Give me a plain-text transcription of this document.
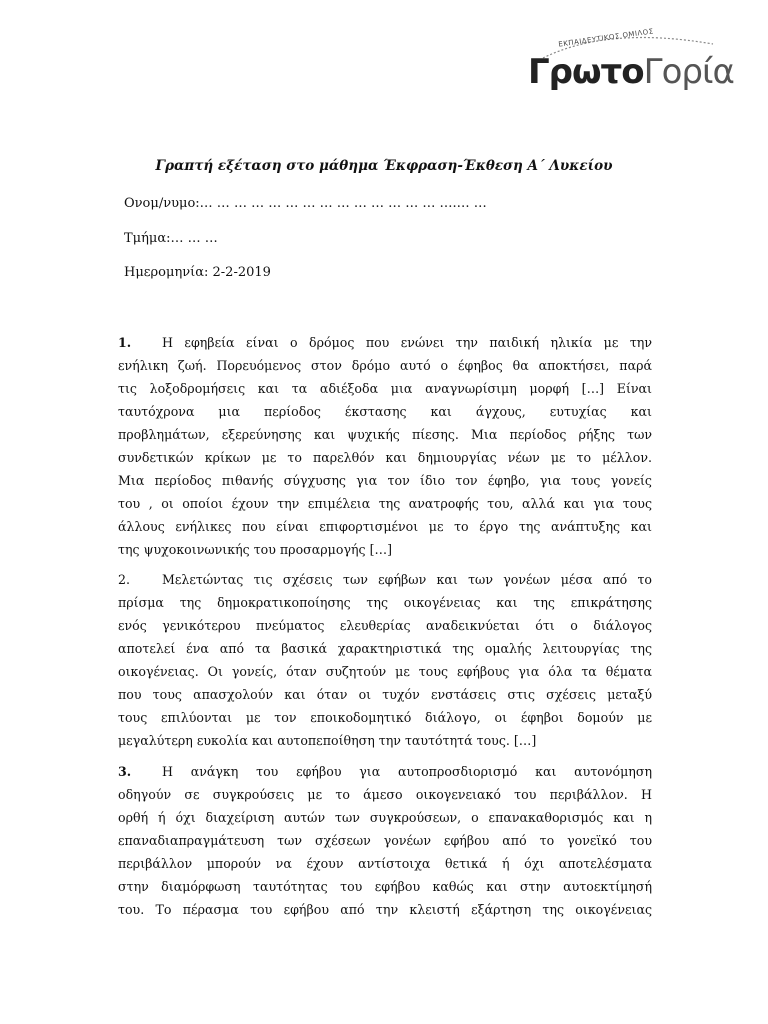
ΕΚΠΑΙΔΕΥΤΙΚΟΣ ΟΜΙΛΟΣ
ΓρωτοΓορία
Γραπτή εξέταση στο μάθημα Έκφραση-Έκθεση Α΄ Λυκείου
Ονομ/νυμο:… … … … … … … … … … … … … … ….… …
Τμήμα:… … …
Ημερομηνία: 2-2-2019
1. Η εφηβεία είναι ο δρόμος που ενώνει την παιδική ηλικία με την
ενήλικη ζωή. Πορευόμενος στον δρόμο αυτό ο έφηβος θα αποκτήσει, παρά
τις λοξοδρομήσεις και τα αδιέξοδα μια αναγνωρίσιμη μορφή […] Είναι
ταυτόχρονα μια περίοδος έκστασης και άγχους, ευτυχίας και
προβλημάτων, εξερεύνησης και ψυχικής πίεσης. Μια περίοδος ρήξης των
συνδετικών κρίκων με το παρελθόν και δημιουργίας νέων με το μέλλον.
Μια περίοδος πιθανής σύγχυσης για τον ίδιο τον έφηβο, για τους γονείς
του , οι οποίοι έχουν την επιμέλεια της ανατροφής του, αλλά και για τους
άλλους ενήλικες που είναι επιφορτισμένοι με το έργο της ανάπτυξης και
της ψυχοκοινωνικής του προσαρμογής […]
2.	Μελετώντας τις σχέσεις των εφήβων και των γονέων μέσα από το
πρίσμα της δημοκρατικοποίησης της οικογένειας και της επικράτησης
ενός γενικότερου πνεύματος ελευθερίας αναδεικνύεται ότι ο διάλογος
αποτελεί ένα από τα βασικά χαρακτηριστικά της ομαλής λειτουργίας της
οικογένειας. Οι γονείς, όταν συζητούν με τους εφήβους για όλα τα θέματα
που τους απασχολούν και όταν οι τυχόν ενστάσεις στις σχέσεις μεταξύ
τους επιλύονται με τον εποικοδομητικό διάλογο, οι έφηβοι δομούν με
μεγαλύτερη ευκολία και αυτοπεποίθηση την ταυτότητά τους. […]
3. Η ανάγκη του εφήβου για αυτοπροσδιορισμό και αυτονόμηση
οδηγούν σε συγκρούσεις με το άμεσο οικογενειακό του περιβάλλον. Η
ορθή ή όχι διαχείριση αυτών των συγκρούσεων, ο επανακαθορισμός και η
επαναδιαπραγμάτευση των σχέσεων γονέων εφήβου από το γονεϊκό του
περιβάλλον μπορούν να έχουν αντίστοιχα θετικά ή όχι αποτελέσματα
στην διαμόρφωση ταυτότητας του εφήβου καθώς και στην αυτοεκτίμησή
του. Το πέρασμα του εφήβου από την κλειστή εξάρτηση της οικογένειας
